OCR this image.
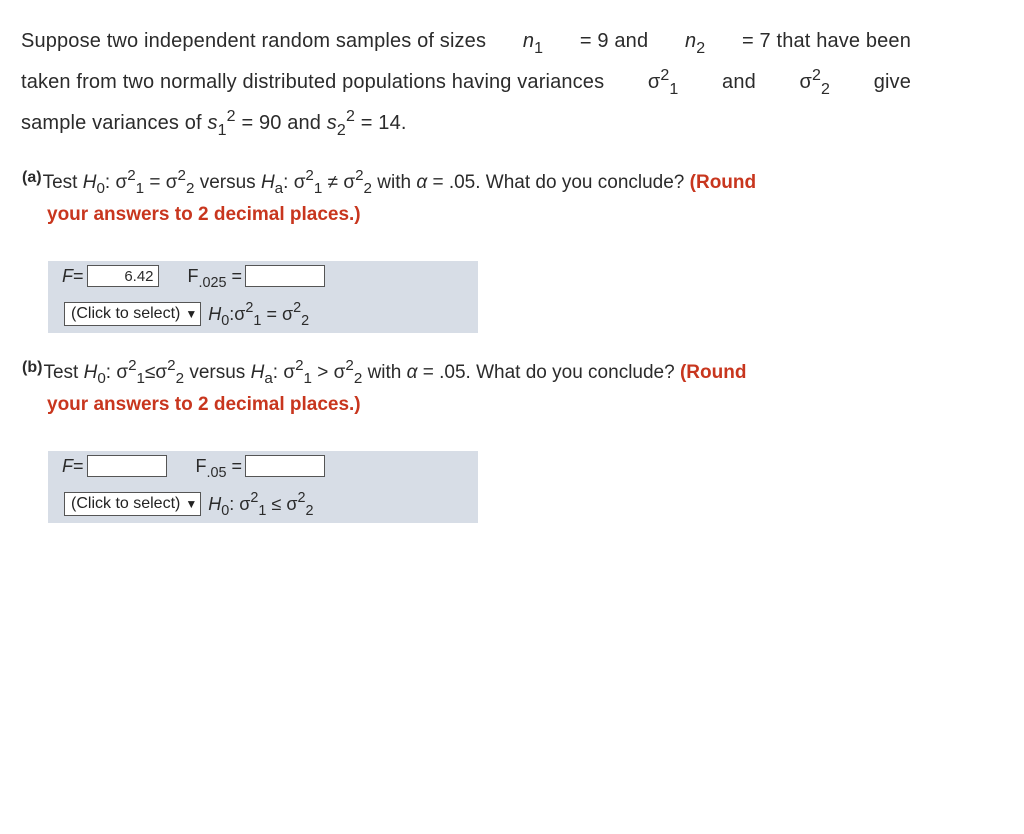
Suppose two independent random samples of sizes $n_1 = 9$ and $n_2 = 7$ that have been
taken from two normally distributed populations having variances $\sigma^2_1$ and $\sigma^2_2$ give
sample variances of $s_1^2 = 90$ and $s_2^2 = 14$.
$^{(a)}$Test $H_0$: $\sigma^2_1 = \sigma^2_2$ versus $H_a$: $\sigma^2_1 \ne \sigma^2_2$ with α = .05. What do you conclude? (Round
your answers to 2 decimal places.)
F=	6.42 $F_{.025}$ =
(Click to select) ▼ $H_0:\sigma^2_1 = \sigma^2_2$
$^{(b)}$Test $H_0$: $\sigma^2_1\le\sigma^2_2$ versus $H_a$: $\sigma^2_1 > \sigma^2_2$ with α = .05. What do you conclude? (Round
your answers to 2 decimal places.)
F=	$F_{.05}$ =
(Click to select) ▼ $H_0$: $\sigma^2_1 \le \sigma^2_2$
